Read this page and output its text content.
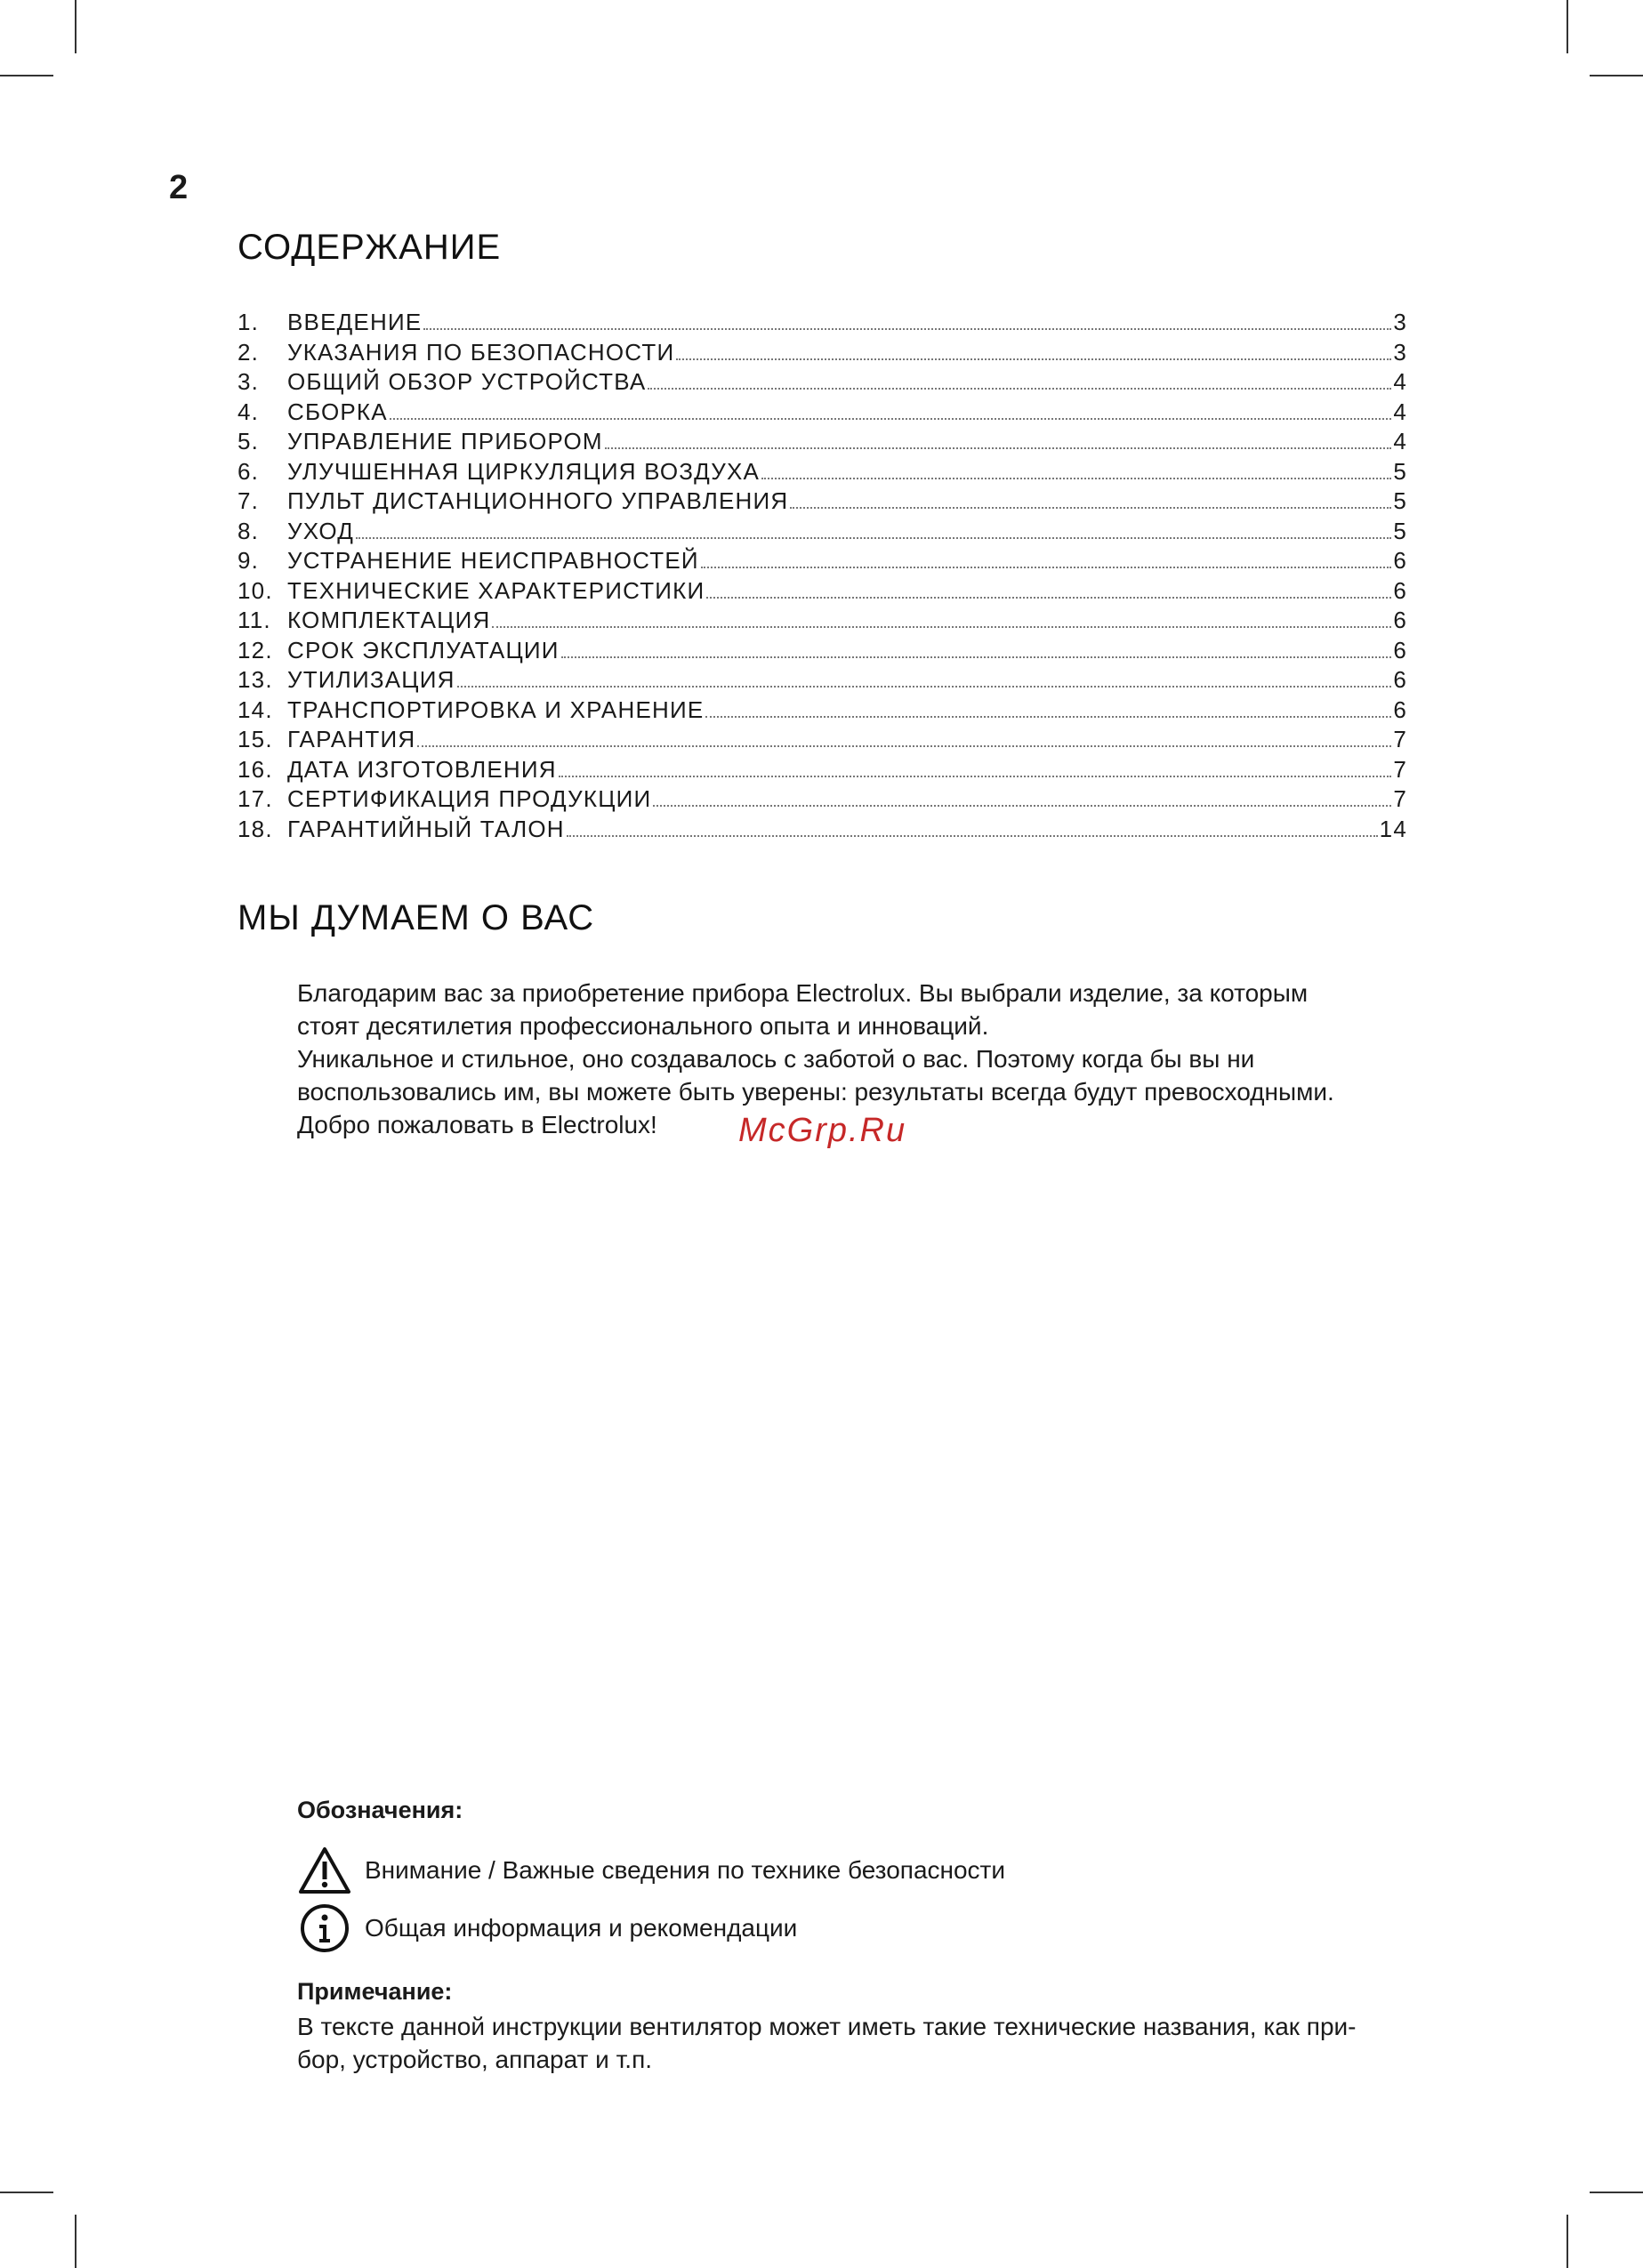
2
СОДЕРЖАНИЕ
1.	ВВЕДЕНИЕ	3
2.	УКАЗАНИЯ ПО БЕЗОПАСНОСТИ	3
3.	ОБЩИЙ ОБЗОР УСТРОЙСТВА	4
4.	СБОРКА	4
5.	УПРАВЛЕНИЕ ПРИБОРОМ	4
6.	УЛУЧШЕННАЯ ЦИРКУЛЯЦИЯ ВОЗДУХА	5
7.	ПУЛЬТ ДИСТАНЦИОННОГО УПРАВЛЕНИЯ	5
8.	УХОД	5
9.	УСТРАНЕНИЕ НЕИСПРАВНОСТЕЙ	6
10. ТЕХНИЧЕСКИЕ ХАРАКТЕРИСТИКИ	6
11. КОМПЛЕКТАЦИЯ	6
12. СРОК ЭКСПЛУАТАЦИИ	6
13. УТИЛИЗАЦИЯ	6
14. ТРАНСПОРТИРОВКА И ХРАНЕНИЕ	6
15. ГАРАНТИЯ	7
16. ДАТА ИЗГОТОВЛЕНИЯ	7
17. СЕРТИФИКАЦИЯ ПРОДУКЦИИ	7
18. ГАРАНТИЙНЫЙ ТАЛОН	14
МЫ ДУМАЕМ О ВАС

Благодарим вас за приобретение прибора Electrolux. Вы выбрали изделие, за которым

стоят десятилетия профессионального опыта и инноваций.

Уникальное и стильное, оно создавалось с заботой о вас. Поэтому когда бы вы ни

воспользовались им, вы можете быть уверены: результаты всегда будут превосходными.

Добро пожаловать в Electrolux!	McGrp.Ru
Обозначения:
Внимание / Важные сведения по технике безопасности
Общая информация и рекомендации
Примечание:

В тексте данной инструкции вентилятор может иметь такие технические названия, как при-

бор, устройство, аппарат и т.п.
